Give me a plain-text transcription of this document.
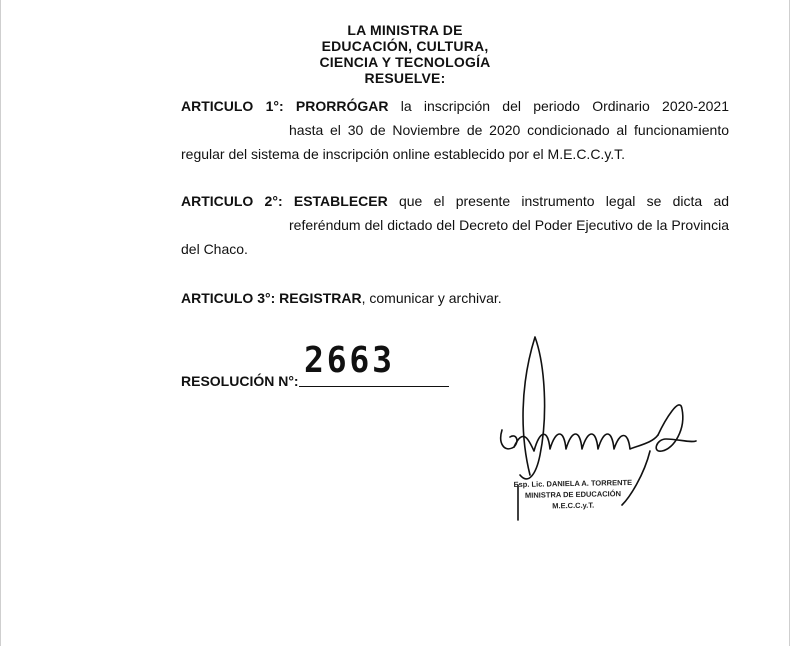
LA MINISTRA DE EDUCACIÓN, CULTURA,
CIENCIA Y TECNOLOGÍA
RESUELVE:
ARTICULO 1°: PRORRÓGAR la inscripción del periodo Ordinario 2020-2021
hasta el 30 de Noviembre de 2020 condicionado al funcionamiento
regular del sistema de inscripción online establecido por el M.E.C.C.y.T.
ARTICULO 2°: ESTABLECER que el presente instrumento legal se dicta ad
referéndum del dictado del Decreto del Poder Ejecutivo de la Provincia
del Chaco.
ARTICULO 3°: REGISTRAR, comunicar y archivar.
RESOLUCIÓN N°: 2663
Esp. Lic. DANIELA A. TORRENTE
MINISTRA DE EDUCACIÓN
M.E.C.C.y.T.
